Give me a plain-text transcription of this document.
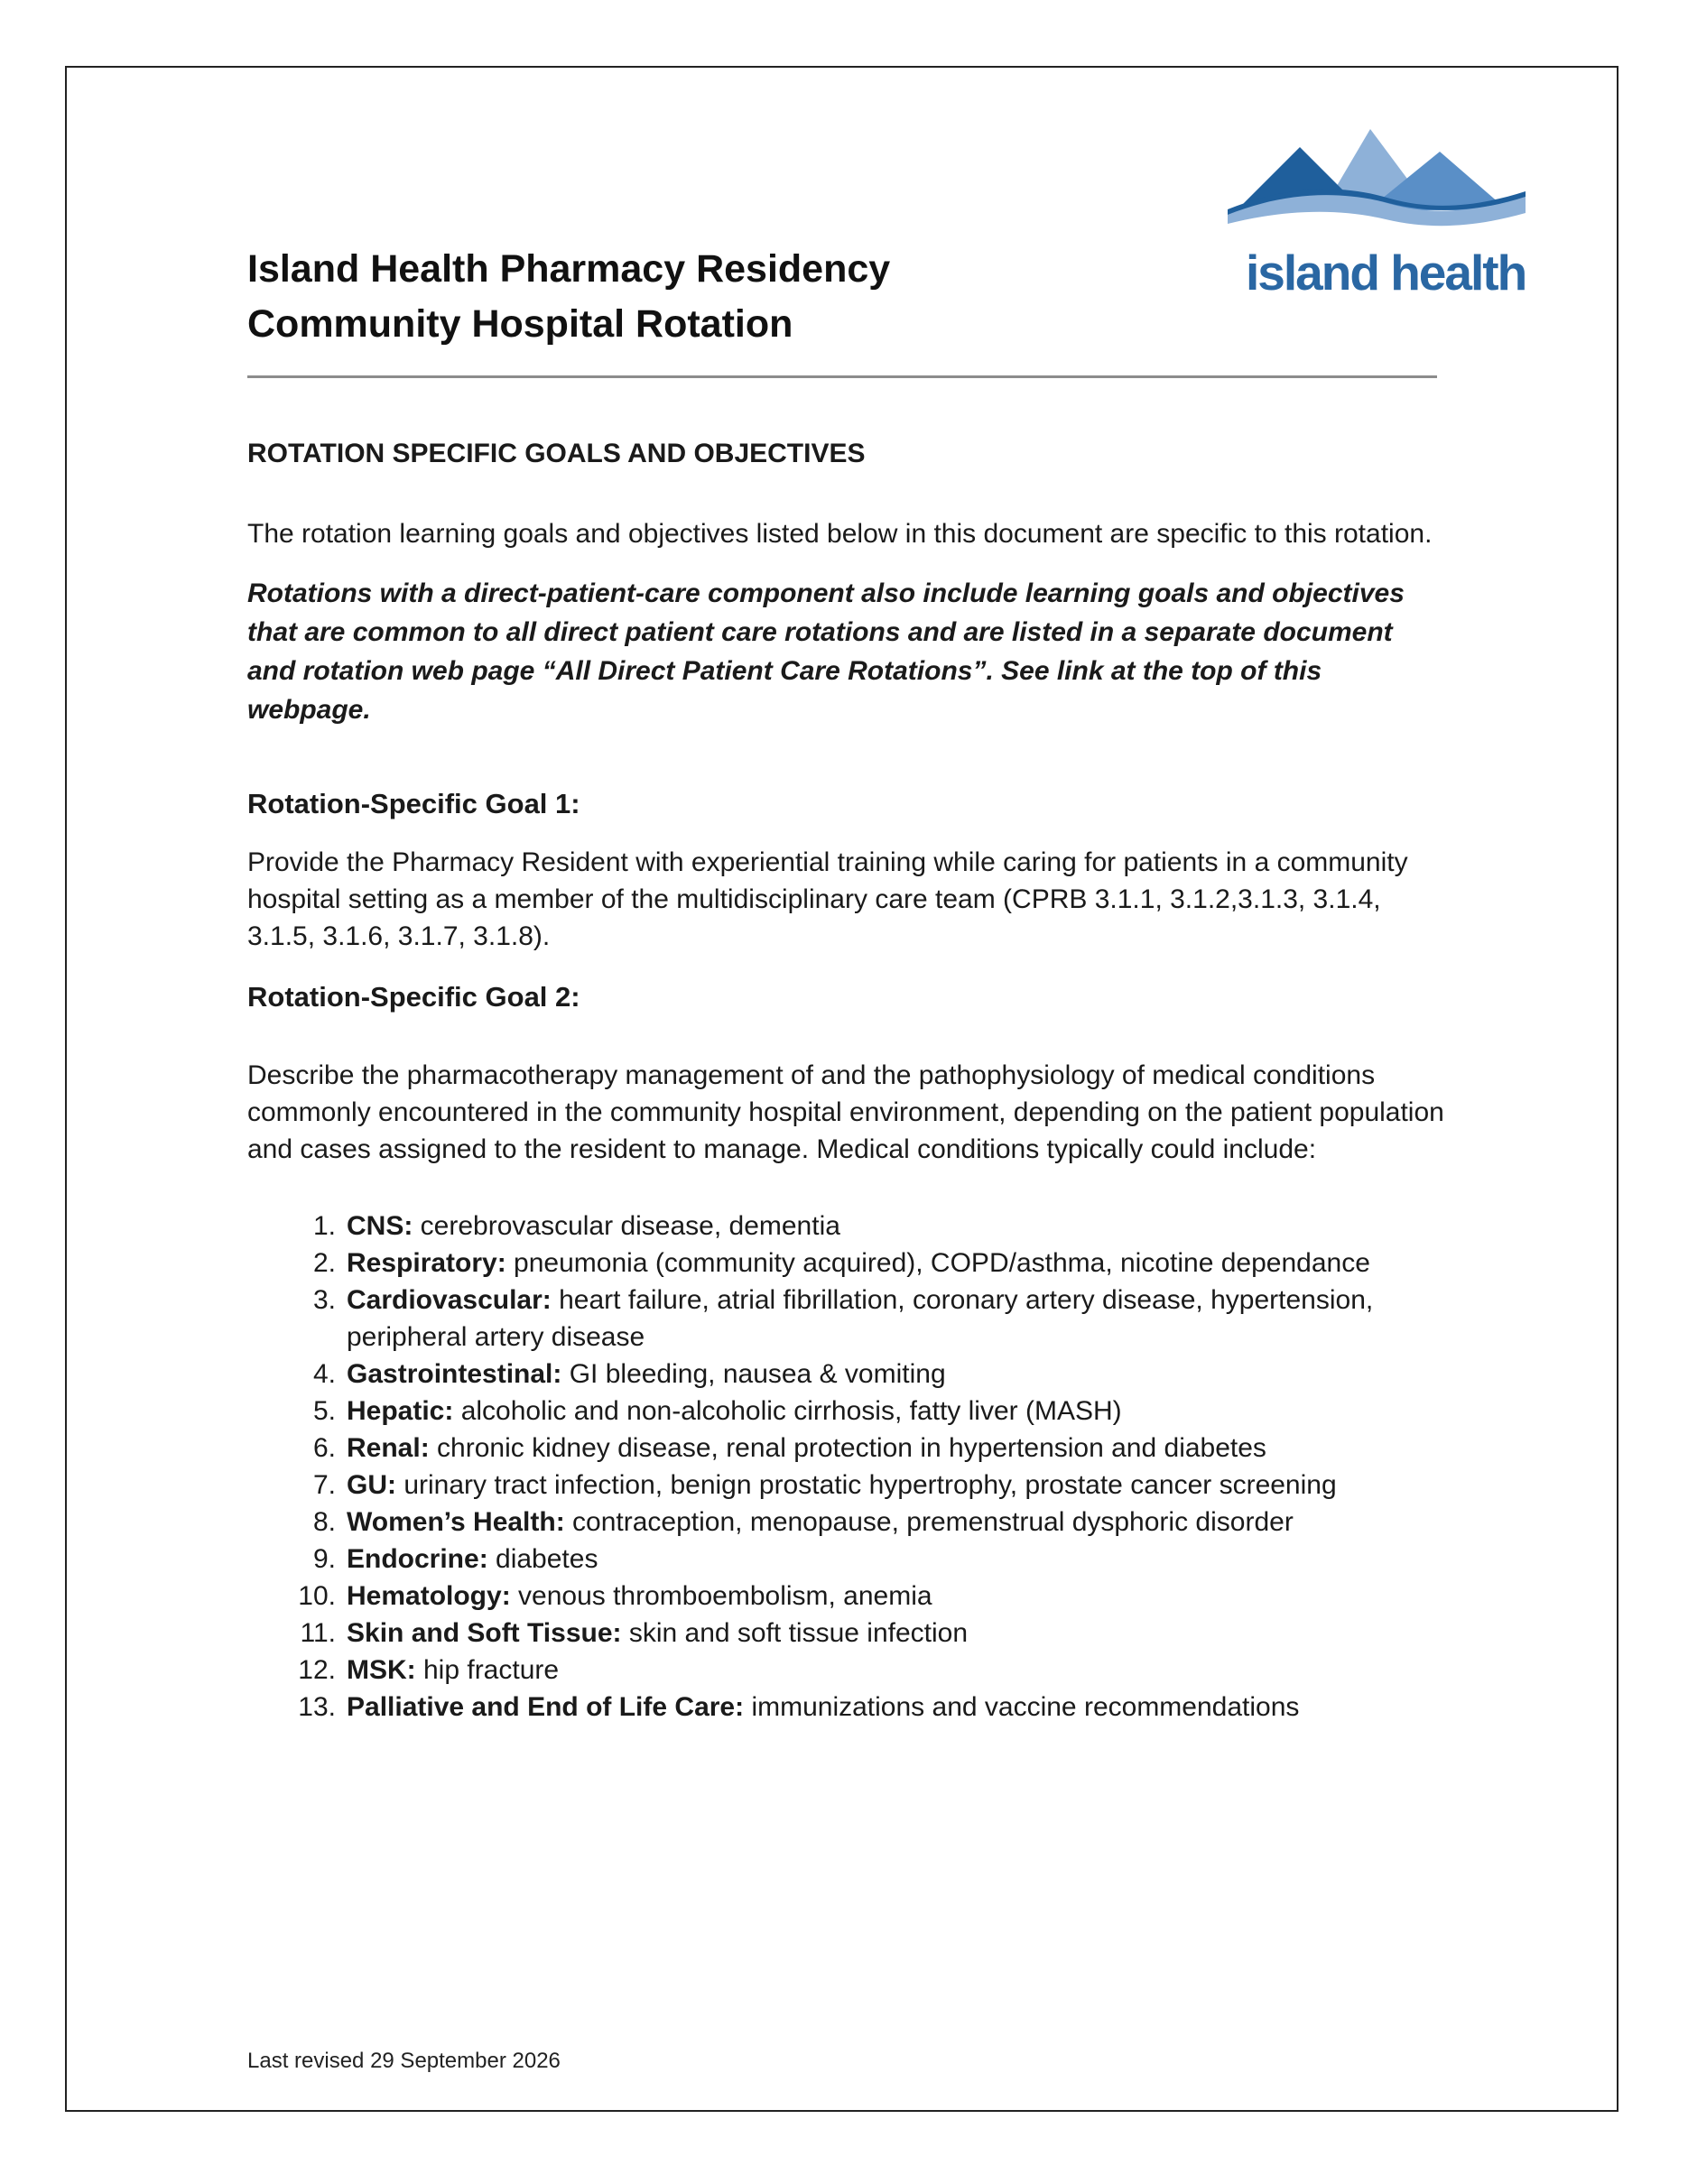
Island Health Pharmacy Residency
Community Hospital Rotation
island health
ROTATION SPECIFIC GOALS AND OBJECTIVES

The rotation learning goals and objectives listed below in this document are specific to this rotation.

Rotations with a direct-patient-care component also include learning goals and objectives that are common to all direct patient care rotations and are listed in a separate document and rotation web page “All Direct Patient Care Rotations”. See link at the top of this webpage.

Rotation-Specific Goal 1:

Provide the Pharmacy Resident with experiential training while caring for patients in a community hospital setting as a member of the multidisciplinary care team (CPRB 3.1.1, 3.1.2,3.1.3, 3.1.4, 3.1.5, 3.1.6, 3.1.7, 3.1.8).

Rotation-Specific Goal 2:

Describe the pharmacotherapy management of and the pathophysiology of medical conditions commonly encountered in the community hospital environment, depending on the patient population and cases assigned to the resident to manage. Medical conditions typically could include:

1. CNS: cerebrovascular disease, dementia
2. Respiratory: pneumonia (community acquired), COPD/asthma, nicotine dependance
3. Cardiovascular: heart failure, atrial fibrillation, coronary artery disease, hypertension, peripheral artery disease
4. Gastrointestinal: GI bleeding, nausea & vomiting
5. Hepatic: alcoholic and non-alcoholic cirrhosis, fatty liver (MASH)
6. Renal: chronic kidney disease, renal protection in hypertension and diabetes
7. GU: urinary tract infection, benign prostatic hypertrophy, prostate cancer screening
8. Women’s Health: contraception, menopause, premenstrual dysphoric disorder
9. Endocrine: diabetes
10. Hematology: venous thromboembolism, anemia
11. Skin and Soft Tissue: skin and soft tissue infection
12. MSK: hip fracture
13. Palliative and End of Life Care: immunizations and vaccine recommendations
Last revised 29 September 2026
